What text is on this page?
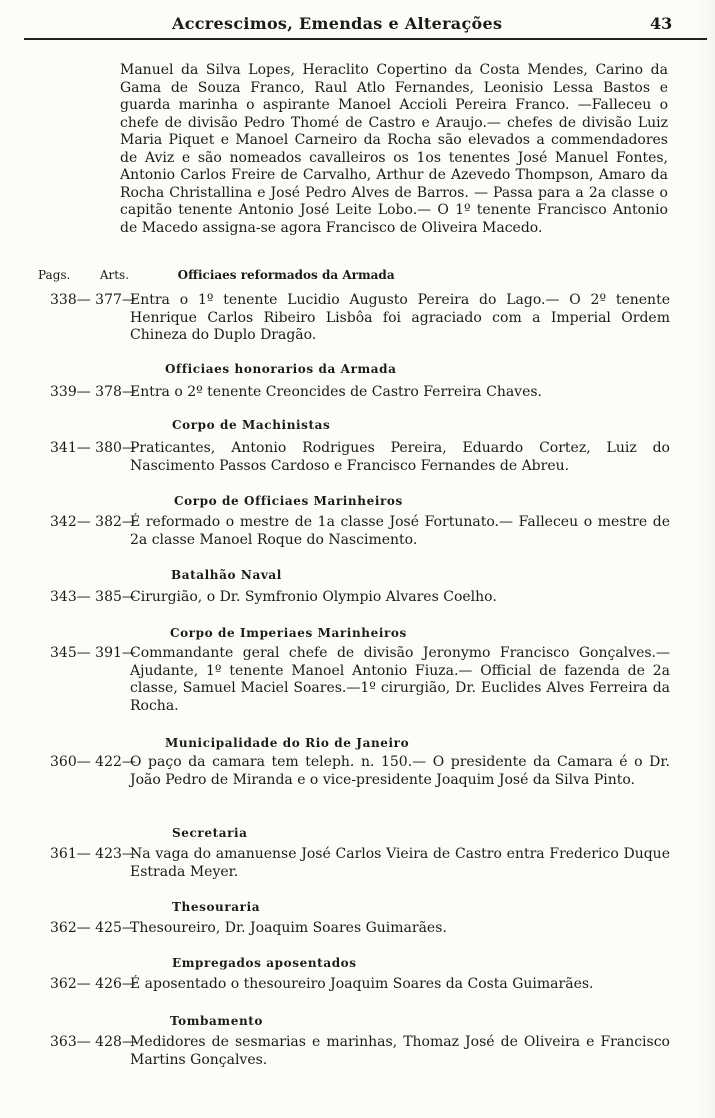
Accrescimos, Emendas e Alterações	43
Manuel da Silva Lopes, Heraclito Copertino da Costa Mendes, Carino da Gama de Souza Franco, Raul Atlo Fernandes, Leonisio Lessa Bastos e guarda marinha o aspirante Manoel Accioli Pereira Franco. —Falleceu o chefe de divisão Pedro Thomé de Castro e Araujo.— chefes de divisão Luiz Maria Piquet e Manoel Carneiro da Rocha são elevados a commendadores de Aviz e são nomeados cavalleiros os 1os tenentes José Manuel Fontes, Antonio Carlos Freire de Carvalho, Arthur de Azevedo Thompson, Amaro da Rocha Christallina e José Pedro Alves de Barros. — Passa para a 2a classe o capitão tenente Antonio José Leite Lobo.— O 1º tenente Francisco Antonio de Macedo assigna-se agora Francisco de Oliveira Macedo.
Pags. Arts.	Officiaes reformados da Armada
338— 377—
Entra o 1º tenente Lucidio Augusto Pereira do Lago.— O 2º tenente Henrique Carlos Ribeiro Lisbôa foi agraciado com a Imperial Ordem Chineza do Duplo Dragão.
Officiaes honorarios da Armada
339— 378—
Entra o 2º tenente Creoncides de Castro Ferreira Chaves.
Corpo de Machinistas
341— 380—
Praticantes, Antonio Rodrigues Pereira, Eduardo Cortez, Luiz do Nascimento Passos Cardoso e Francisco Fernandes de Abreu.
Corpo de Officiaes Marinheiros
342— 382—
É reformado o mestre de 1a classe José Fortunato.— Falleceu o mestre de 2a classe Manoel Roque do Nascimento.
Batalhão Naval
343— 385—
Cirurgião, o Dr. Symfronio Olympio Alvares Coelho.
Corpo de Imperiaes Marinheiros
345— 391—
Commandante geral chefe de divisão Jeronymo Francisco Gonçalves.— Ajudante, 1º tenente Manoel Antonio Fiuza.— Official de fazenda de 2a classe, Samuel Maciel Soares.—1º cirurgião, Dr. Euclides Alves Ferreira da Rocha.
Municipalidade do Rio de Janeiro
360— 422—
O paço da camara tem teleph. n. 150.— O presidente da Camara é o Dr. João Pedro de Miranda e o vice-presidente Joaquim José da Silva Pinto.
Secretaria
361— 423—
Na vaga do amanuense José Carlos Vieira de Castro entra Frederico Duque Estrada Meyer.
Thesouraria
362— 425—
Thesoureiro, Dr. Joaquim Soares Guimarães.
Empregados aposentados
362— 426—
É aposentado o thesoureiro Joaquim Soares da Costa Guimarães.
Tombamento
363— 428—
Medidores de sesmarias e marinhas, Thomaz José de Oliveira e Francisco Martins Gonçalves.
